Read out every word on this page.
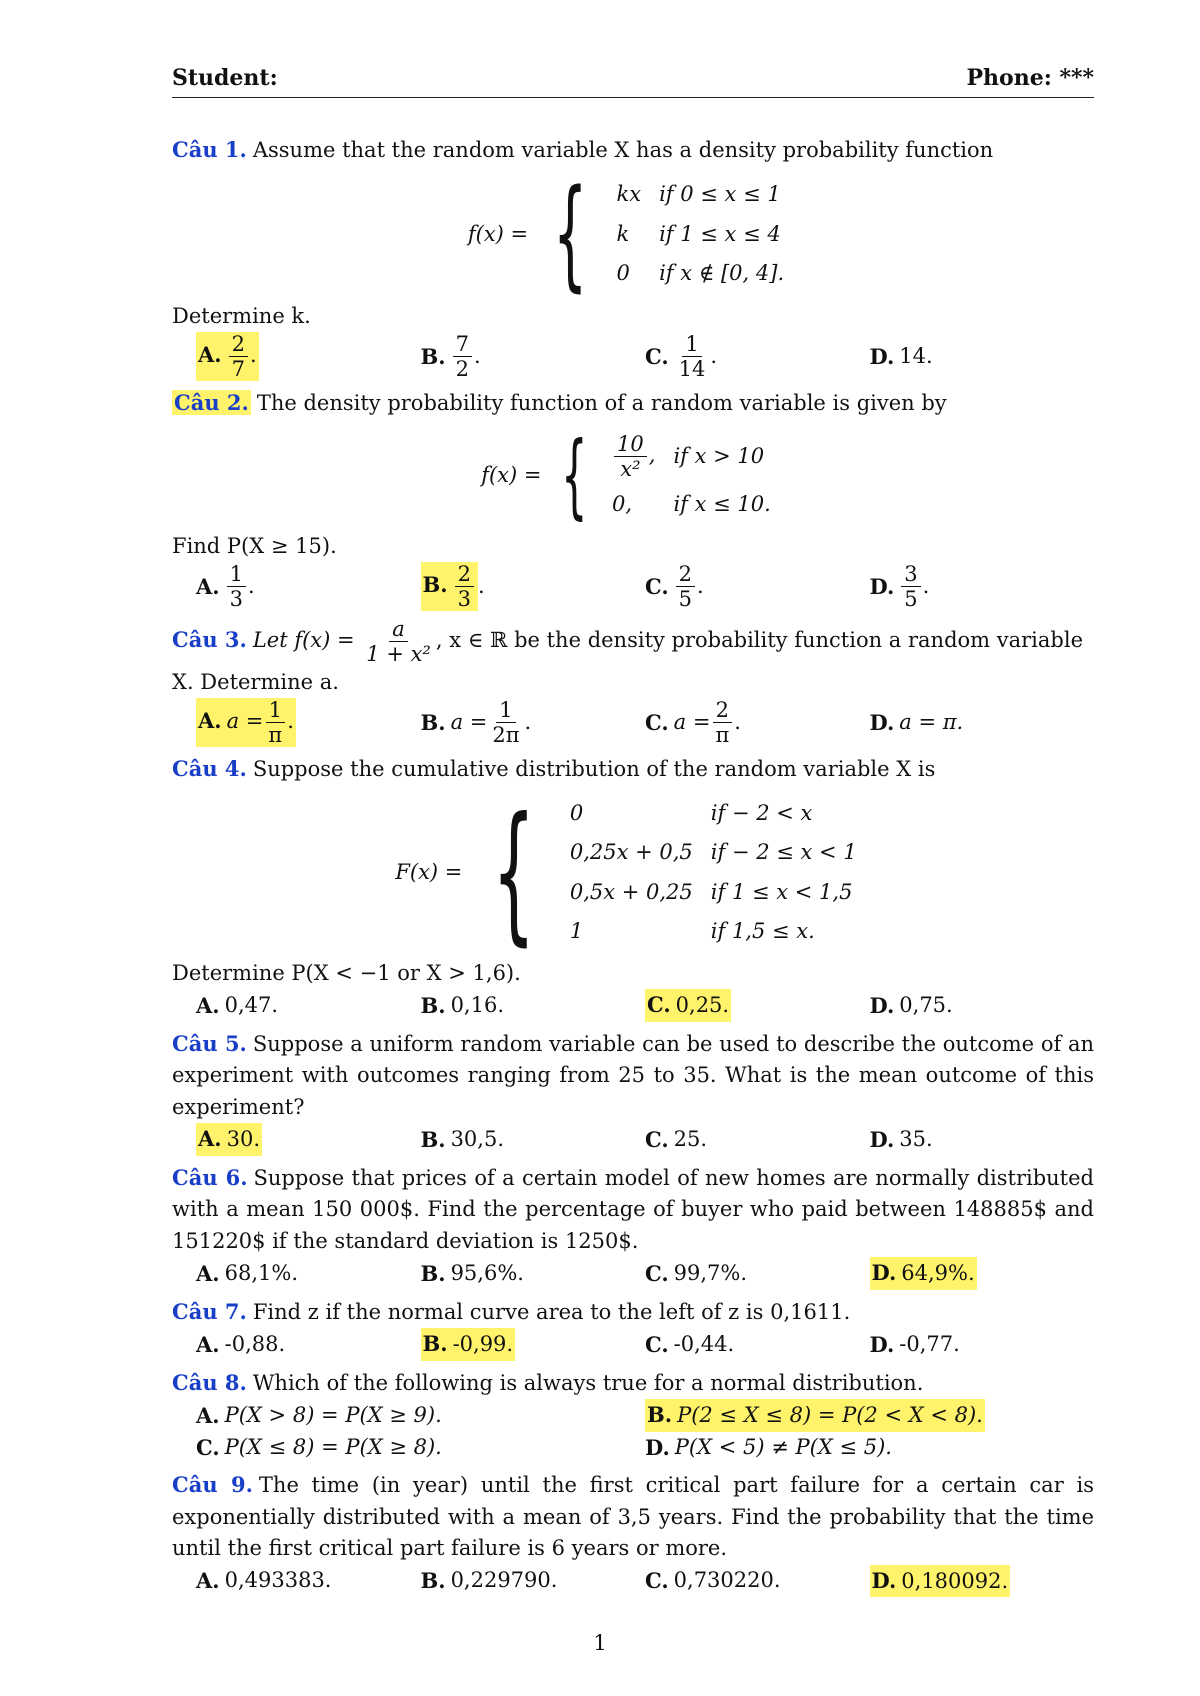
Student:	Phone: ***
Câu 1. Assume that the random variable X has a density probability function
f(x) = { kx	if 0 ≤ x ≤ 1
k	if 1 ≤ x ≤ 4
0	if x ∉ [0, 4].
Determine k.
A. $\frac{2}{7}$ .	B. $\frac{7}{2}$ .	C. $\frac{1}{14}$ .	D. 14.
Câu 2. The density probability function of a random variable is given by
f(x) = { $\frac{10}{\text{x²}}$ ,	if x > 10
0,	if x ≤ 10.
Find P(X ≥ 15).
A. $\frac{1}{3}$ .	B. $\frac{2}{3}$ .	C. $\frac{2}{5}$ .	D. $\frac{3}{5}$ .
Câu 3. Let $f(x) = \frac{a}{\text{1 + x²}}$ , x ∈ ℝ be the density probability function a random variable
X. Determine a.
A. $a = \frac{1}{\pi}$ .	B. $a = \frac{1}{2\pi}$ .	C. $a = \frac{2}{\pi}$ .	D. a = π.
Câu 4. Suppose the cumulative distribution of the random variable X is
F(x) = { 0	if − 2 < x
0,25x + 0,5	if − 2 ≤ x < 1
0,5x + 0,25	if 1 ≤ x < 1,5
1	if 1,5 ≤ x.
Determine P(X < −1 or X > 1,6).
A. 0,47.	B. 0,16.	C. 0,25.	D. 0,75.
Câu 5. Suppose a uniform random variable can be used to describe the outcome of an experiment with outcomes ranging from 25 to 35. What is the mean outcome of this experiment?
A. 30.	B. 30,5.	C. 25.	D. 35.
Câu 6. Suppose that prices of a certain model of new homes are normally distributed with a mean 150 000$. Find the percentage of buyer who paid between 148885$ and 151220$ if the standard deviation is 1250$.
A. 68,1%.	B. 95,6%.	C. 99,7%.	D. 64,9%.
Câu 7. Find z if the normal curve area to the left of z is 0,1611.
A. -0,88.	B. -0,99.	C. -0,44.	D. -0,77.
Câu 8. Which of the following is always true for a normal distribution.
A. P(X > 8) = P(X ≥ 9).	B. P(2 ≤ X ≤ 8) = P(2 < X < 8).
C. P(X ≤ 8) = P(X ≥ 8).	D. P(X < 5) ≠ P(X ≤ 5).
Câu 9. The time (in year) until the first critical part failure for a certain car is exponentially distributed with a mean of 3,5 years. Find the probability that the time until the first critical part failure is 6 years or more.
A. 0,493383.	B. 0,229790.	C. 0,730220.	D. 0,180092.
1
